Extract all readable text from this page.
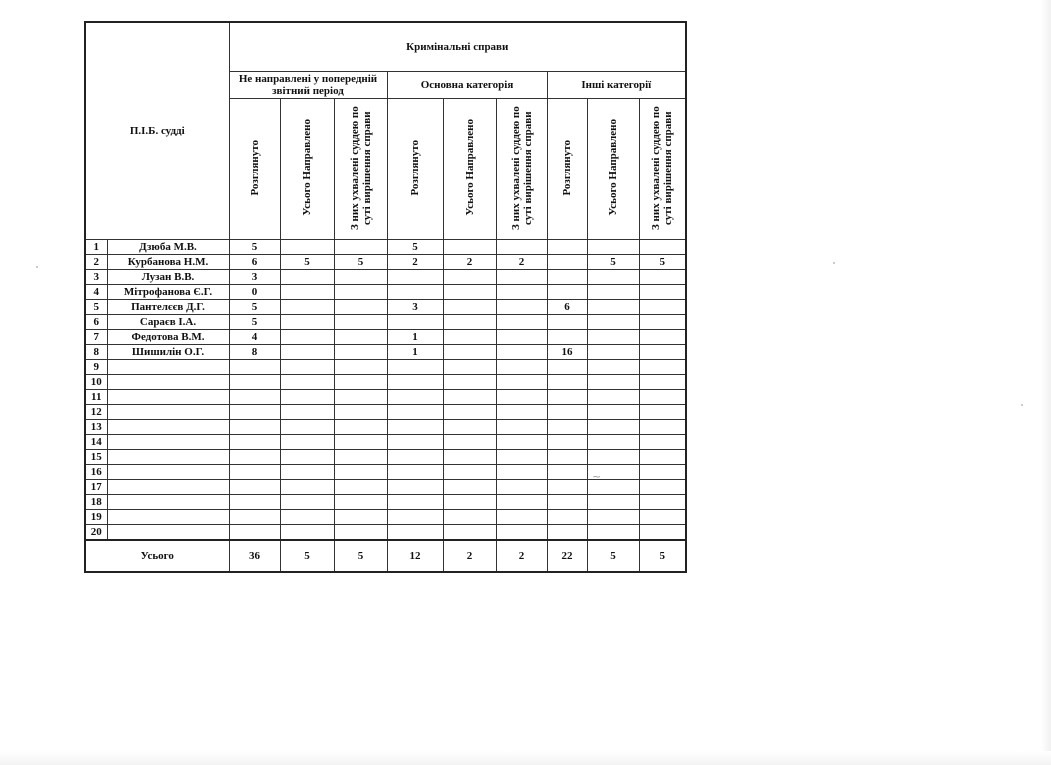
~
П.І.Б. судді		Кримінальні справи								
		Не направлені у попередній звітний період			Основна категорія			Інші категорії		
		Розглянуто	Усього Направлено	З них ухвалені суддею по суті вирішення справи	Розглянуто	Усього Направлено	З них ухвалені суддею по суті вирішення справи	Розглянуто	Усього Направлено	З них ухвалені суддею по суті вирішення справи
1	Дзюба М.В.	5			5					
2	Курбанова Н.М.	6	5	5	2	2	2		5	5
3	Лузан В.В.	3								
4	Мітрофанова Є.Г.	0								
5	Пантелєєв Д.Г.	5			3			6		
6	Сараєв І.А.	5								
7	Федотова В.М.	4			1					
8	Шишилін О.Г.	8			1			16		
9										
10										
11										
12										
13										
14										
15										
16										
17										
18										
19										
20										
Усього		36	5	5	12	2	2	22	5	5
